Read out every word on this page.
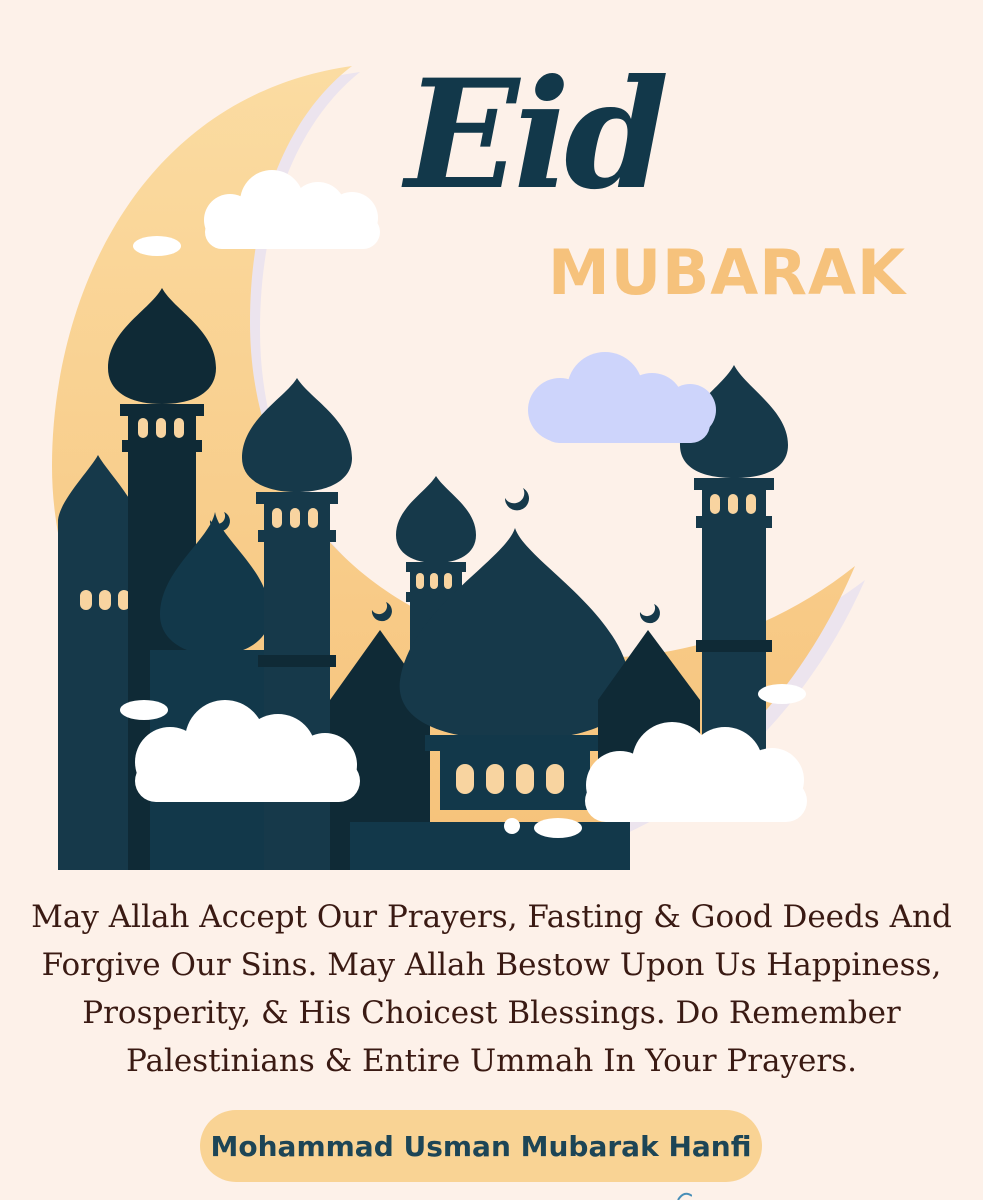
Eid
MUBARAK

May Allah Accept Our Prayers, Fasting & Good Deeds And
Forgive Our Sins. May Allah Bestow Upon Us Happiness,
Prosperity, & His Choicest Blessings. Do Remember
Palestinians & Entire Ummah In Your Prayers.

Mohammad Usman Mubarak Hanfi
